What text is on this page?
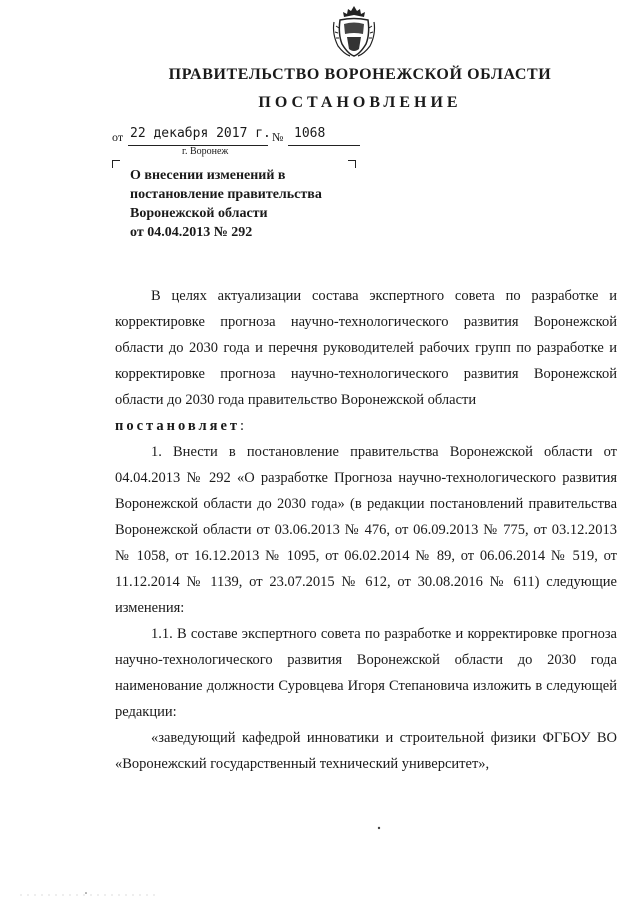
ПРАВИТЕЛЬСТВО ВОРОНЕЖСКОЙ ОБЛАСТИ
ПОСТАНОВЛЕНИЕ
от 22 декабря 2017 г. № 1068
г. Воронеж
О внесении изменений в
постановление правительства
Воронежской области
от 04.04.2013 № 292

В целях актуализации состава экспертного совета по разработке и корректировке прогноза научно-технологического развития Воронежской области до 2030 года и перечня руководителей рабочих групп по разработке и корректировке прогноза научно-технологического развития Воронежской области до 2030 года правительство Воронежской области

постановляет:

1. Внести в постановление правительства Воронежской области от 04.04.2013 № 292 «О разработке Прогноза научно-технологического развития Воронежской области до 2030 года» (в редакции постановлений правительства Воронежской области от 03.06.2013 № 476, от 06.09.2013 № 775, от 03.12.2013 № 1058, от 16.12.2013 № 1095, от 06.02.2014 № 89, от 06.06.2014 № 519, от 11.12.2014 № 1139, от 23.07.2015 № 612, от 30.08.2016 № 611) следующие изменения:

1.1. В составе экспертного совета по разработке и корректировке прогноза научно-технологического развития Воронежской области до 2030 года наименование должности Суровцева Игоря Степановича изложить в следующей редакции:

«заведующий кафедрой инноватики и строительной физики ФГБОУ ВО «Воронежский государственный технический университет»,
